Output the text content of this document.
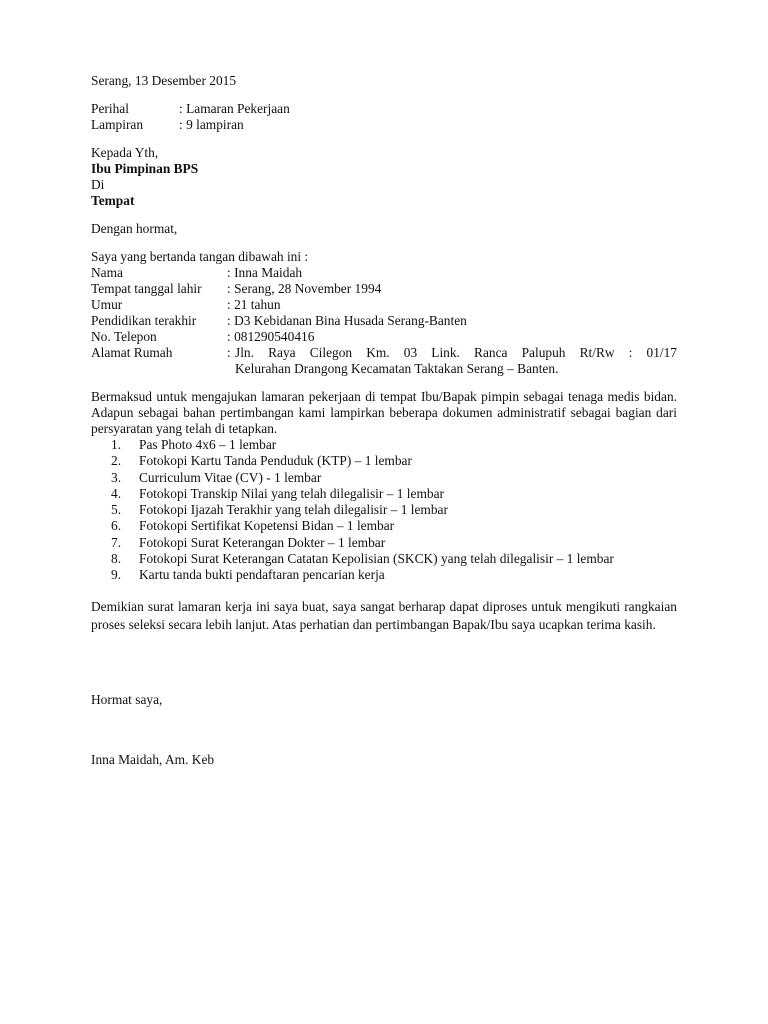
Serang, 13 Desember 2015

Perihal	: Lamaran Pekerjaan
Lampiran	: 9 lampiran

Kepada Yth,

Ibu Pimpinan BPS

Di

Tempat

Dengan hormat,

Saya yang bertanda tangan dibawah ini :

Nama	: Inna Maidah
Tempat tanggal lahir	: Serang, 28 November 1994
Umur	: 21 tahun
Pendidikan terakhir	: D3 Kebidanan Bina Husada Serang-Banten
No. Telepon	: 081290540416
Alamat Rumah	: Jln. Raya Cilegon Km. 03 Link. Ranca Palupuh Rt/Rw : 01/17

Kelurahan Drangong Kecamatan Taktakan Serang – Banten.

Bermaksud untuk mengajukan lamaran pekerjaan di tempat Ibu/Bapak pimpin sebagai tenaga medis bidan. Adapun sebagai bahan pertimbangan kami lampirkan beberapa dokumen administratif sebagai bagian dari persyaratan yang telah di tetapkan.

1.	Pas Photo 4x6 – 1 lembar
2.	Fotokopi Kartu Tanda Penduduk (KTP) – 1 lembar
3.	Curriculum Vitae (CV) - 1 lembar
4.	Fotokopi Transkip Nilai yang telah dilegalisir – 1 lembar
5.	Fotokopi Ijazah Terakhir yang telah dilegalisir – 1 lembar
6.	Fotokopi Sertifikat Kopetensi Bidan – 1 lembar
7.	Fotokopi Surat Keterangan Dokter – 1 lembar
8.	Fotokopi Surat Keterangan Catatan Kepolisian (SKCK) yang telah dilegalisir – 1 lembar
9.	Kartu tanda bukti pendaftaran pencarian kerja

Demikian surat lamaran kerja ini saya buat, saya sangat berharap dapat diproses untuk mengikuti rangkaian proses seleksi secara lebih lanjut. Atas perhatian dan pertimbangan Bapak/Ibu saya ucapkan terima kasih.

Hormat saya,

Inna Maidah, Am. Keb
